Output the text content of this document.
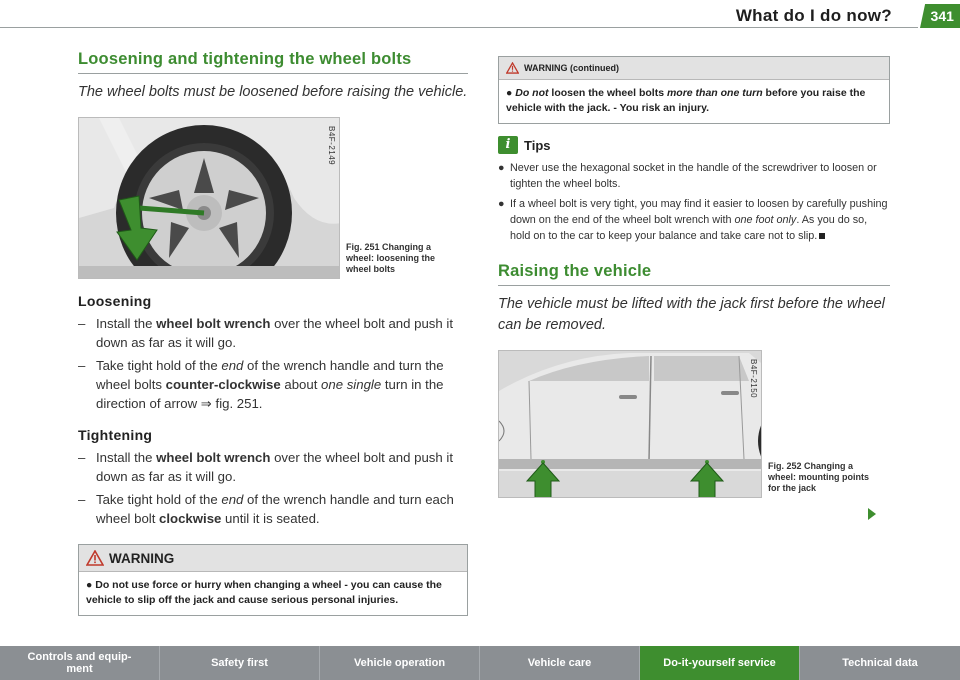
What do I do now?	341
Loosening and tightening the wheel bolts

The wheel bolts must be loosened before raising the vehicle.

B4F-2149
Fig. 251 Changing a wheel: loosening the wheel bolts
Loosening
– Install the wheel bolt wrench over the wheel bolt and push it down as far as it will go.
– Take tight hold of the end of the wrench handle and turn the wheel bolts counter-clockwise about one single turn in the direction of arrow ⇒ fig. 251.
Tightening
– Install the wheel bolt wrench over the wheel bolt and push it down as far as it will go.
– Take tight hold of the end of the wrench handle and turn each wheel bolt clockwise until it is seated.
WARNING
● Do not use force or hurry when changing a wheel - you can cause the vehicle to slip off the jack and cause serious personal injuries.
WARNING (continued)
● Do not loosen the wheel bolts more than one turn before you raise the vehicle with the jack. - You risk an injury.
i	Tips
● Never use the hexagonal socket in the handle of the screwdriver to loosen or tighten the wheel bolts.
● If a wheel bolt is very tight, you may find it easier to loosen by carefully pushing down on the end of the wheel bolt wrench with one foot only. As you do so, hold on to the car to keep your balance and take care not to slip.
Raising the vehicle

The vehicle must be lifted with the jack first before the wheel can be removed.

B4F-2150
Fig. 252 Changing a wheel: mounting points for the jack
Controls and equip-
ment	Safety first	Vehicle operation	Vehicle care	Do-it-yourself service	Technical data
